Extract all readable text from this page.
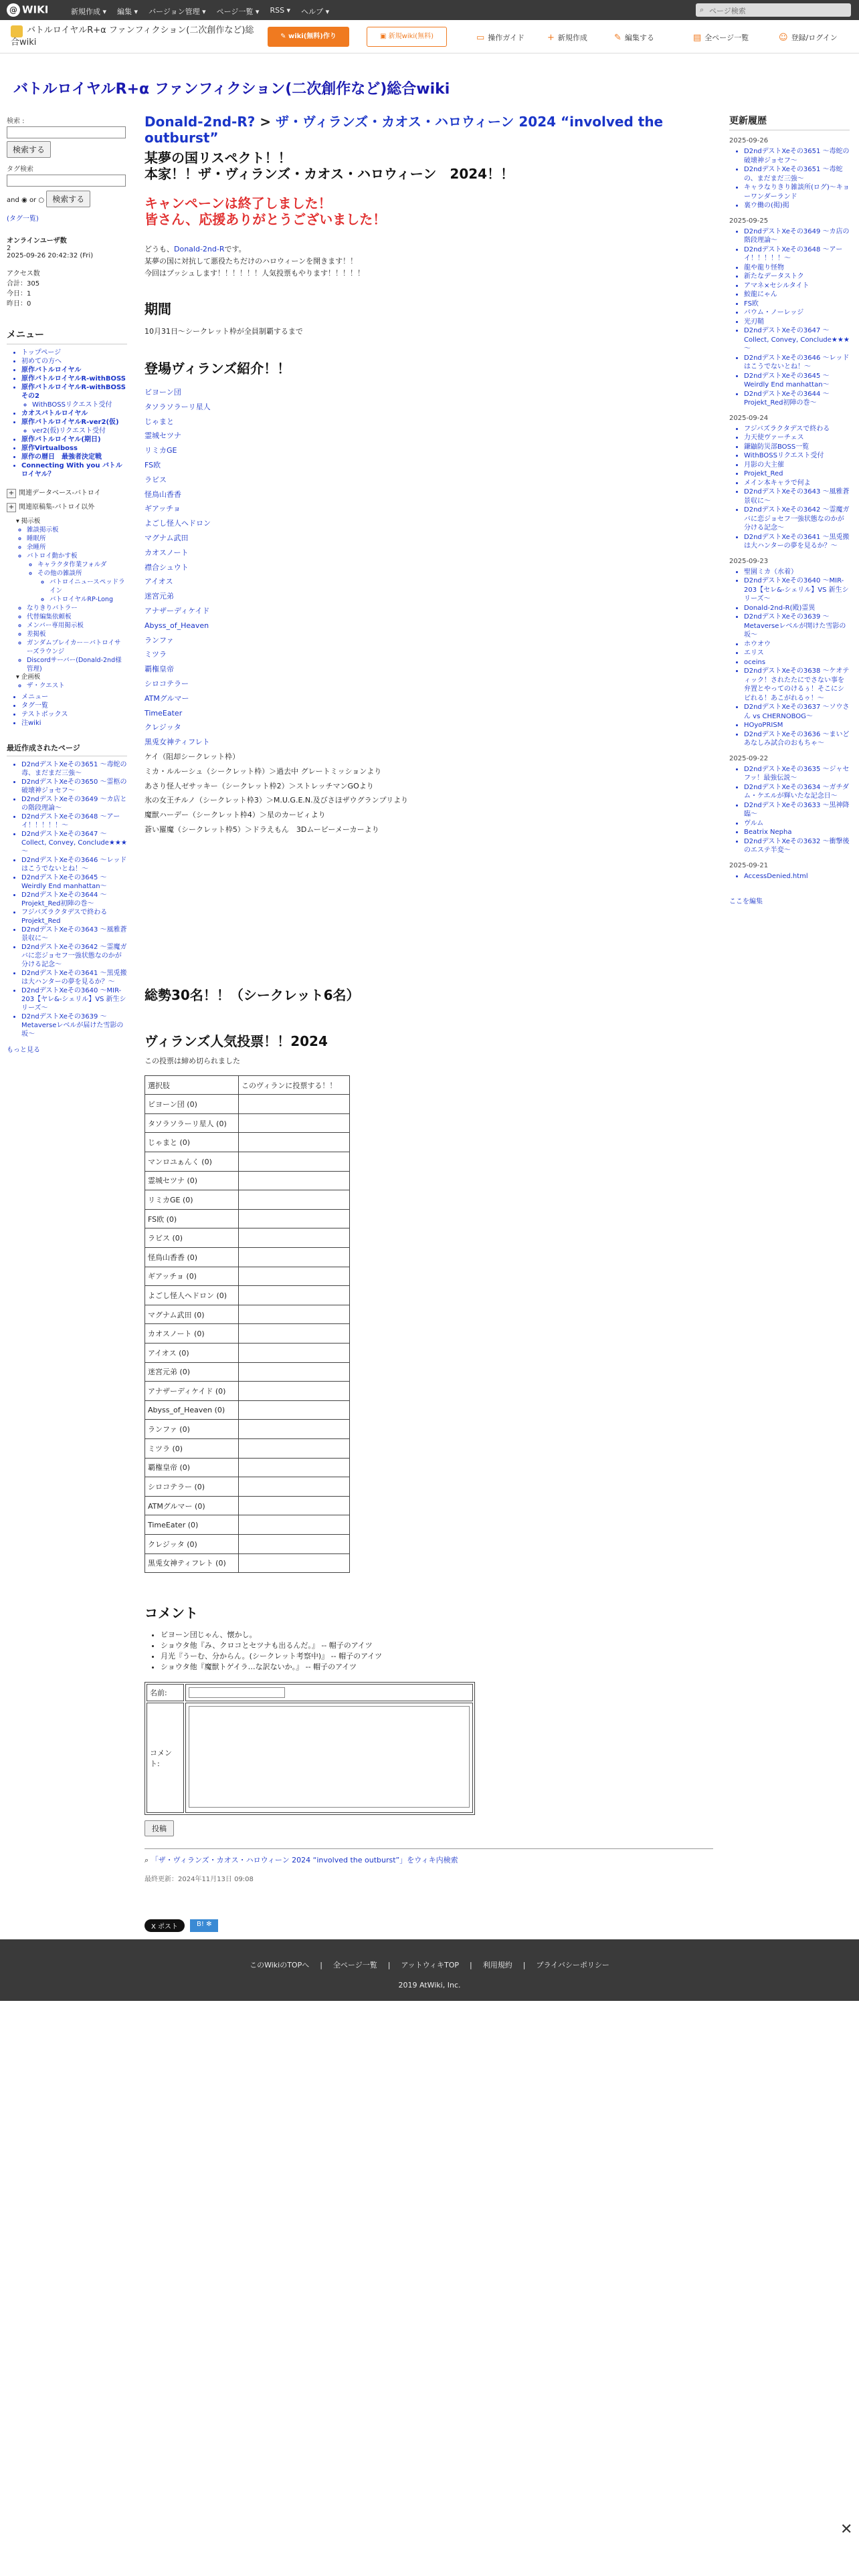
@ WIKI	新規作成 ▾ 編集 ▾ バージョン管理 ▾ ページ一覧 ▾ RSS ▾ ヘルプ ▾	⌕ ページ検索
バトルロイヤルR+α ファンフィクション(二次創作など)総合wiki
✎ wiki(無料)作り	▣ 新規wiki(無料)	▭ 操作ガイド	+ 新規作成	✎ 編集する	▤ 全ページ一覧	☺ 登録/ログイン
バトルロイヤルR+α ファンフィクション(二次創作など)総合wiki
検索 :
検索する
タグ検索
and ◉ or ○ 検索する
(タグ一覧)
オンラインユーザ数
2
2025-09-26 20:42:32 (Fri)
アクセス数
合計：305
今日：1
昨日：0
メニュー
• トップページ
• 初めての方へ
• 原作バトルロイヤル
• 原作バトルロイヤルR-withBOSS
• 原作バトルロイヤルR-withBOSSその2
◦ WithBOSSリクエスト受付
• カオスバトルロイヤル
• 原作バトルロイヤルR-ver2(仮)
◦ ver2(仮)リクエスト受付
• 原作バトルロイヤル(期日)
• 原作Virtualboss
• 原作の暦日　最強者決定戦
• Connecting With you バトルロイヤル？
+ 関連データベース-バトロイ
+ 関連原稿集-バトロイ以外
▾ 掲示板
◦ 雑談掲示板
◦ 睡眠所
◦ 余睡所
◦ バトロイ動かす板
◦ キャラクタ作業フォルダ
◦ その他の雑談所
◦ バトロイニュースペッドライン
◦ バトロイヤルRP-Long
◦ なりきりバトラー
◦ 代替編集依頼板
◦ メンバー専用掲示板
◦ 差掲板
◦ ガンダムブレイカー－バトロイサーズラウンジ
◦ Discordサーバー(Donald-2nd様管理)
▾ 企画板
◦ ザ・クエスト
• メニュー
• タグ一覧
• テストボックス
• 注wiki
最近作成されたページ
• D2ndデストXeその3651 ～毒蛇の毒、まだまだ三強～
• D2ndデストXeその3650 ～霊柩の破壊神ジョセフ～
• D2ndデストXeその3649 ～カ店との階段理論～
• D2ndデストXeその3648 ～アーイ！！！！！～
• D2ndデストXeその3647 ～Collect, Convey, Conclude★★★～
• D2ndデストXeその3646 ～レッドはこうでないとね！～
• D2ndデストXeその3645 ～Weirdly End manhattan～
• D2ndデストXeその3644 ～Projekt_Red初陣の巻～
• フジバズラクタデスで終わるProjekt_Red
• D2ndデストXeその3643 ～風雅蒼景収に～
• D2ndデストXeその3642 ～霊魔ガバに恋ジョセフ一強状態なのかが分ける記念～
• D2ndデストXeその3641 ～黒兎搬は大ハンターの夢を見るか？～
• D2ndデストXeその3640 ～MIR-203【ヤレ&-シェリル】VS 新生シリーズ～
• D2ndデストXeその3639 ～Metaverseレベルが届けた雪影の坂～
もっと見る
Donald-2nd-R? > ザ・ヴィランズ・カオス・ハロウィーン 2024 “involved the outburst”
某夢の国リスペクト！！
本家！！ザ・ヴィランズ・カオス・ハロウィーン　2024！！
キャンペーンは終了しました！
皆さん、応援ありがとうございました！

どうも、Donald-2nd-Rです。

某夢の国に対抗して悪役たちだけのハロウィーンを開きます！！

今回はプッシュします！！！！！！人気投票もやります！！！！！

期間

10月31日〜シークレット枠が全員制覇するまで

登場ヴィランズ紹介！！
ビヨーン団
タソラソラーリ星人
じゃまと
霊城セツナ
リミカGE
FS欧
ラビス
怪鳥山香香
ギアッチョ
よごし怪人ヘドロン
マグナム武田
カオスノート
襟合シュウト
アイオス
迷宮元弟
アナザーディケイド
Abyss_of_Heaven
ランファ
ミツラ
覇権皇帝
シロコテラー
ATMグルマー
TimeEater
クレジッタ
黒兎女神ティフレト
ケイ（阻却シークレット枠）
ミカ・ルルーシュ（シークレット枠）＞過去中 グレートミッションより
あさり怪人ゼサッキー（シークレット枠2）＞ストレッチマンGOより
氷の女王チルノ（シークレット枠3）＞M.U.G.E.N.及びさほザウグランプリより
魔獣ハーデー（シークレット枠4）＞星のカービィより
蒼い羅魔（シークレット枠5）＞ドラえもん　3Dムービーメーカーより
総勢30名！！（シークレット6名）
ヴィランズ人気投票！！2024

この投票は締め切られました

選択肢	このヴィランに投票する！！
ビヨーン団 (0)	
タソラソラーリ星人 (0)	
じゃまと (0)	
マンロユぁんく (0)	
霊城セツナ (0)	
リミカGE (0)	
FS欧 (0)	
ラビス (0)	
怪鳥山香香 (0)	
ギアッチョ (0)	
よごし怪人ヘドロン (0)	
マグナム武田 (0)	
カオスノート (0)	
アイオス (0)	
迷宮元弟 (0)	
アナザーディケイド (0)	
Abyss_of_Heaven (0)	
ランファ (0)	
ミツラ (0)	
覇権皇帝 (0)	
シロコテラー (0)	
ATMグルマー (0)	
TimeEater (0)	
クレジッタ (0)	
黒兎女神ティフレト (0)	
コメント
• ビヨーン団じゃん、懐かし。
• ショウタ他『み、クロコとセツナも出るんだ。』 -- 帽子のアイツ
• 月光『うーむ、分からん。(シークレット考察中)』 -- 帽子のアイツ
• ショウタ他『魔獣トゲイラ…な訳ないか。』 -- 帽子のアイツ
名前:	
コメント:	
投稿
⌕ 「ザ・ヴィランズ・カオス・ハロウィーン 2024 “involved the outburst”」をウィキ内検索
最終更新：2024年11月13日 09:08
X ポスト	B! ✻
更新履歴
2025-09-26
• D2ndデストXeその3651 ～毒蛇の破壊神ジョセフ～
• D2ndデストXeその3651 ～毒蛇の、まだまだ三強～
• キャラなりきり雑談所(ログ)～キョーワンダーランド
• 裏ウ働の(掲)掲
2025-09-25
• D2ndデストXeその3649 ～カ店の階段理論～
• D2ndデストXeその3648 ～アーイ！！！！！～
• 龍や龍り怪物
• 新たなデータストク
• アマネ×セシルタイト
• 鮫龍にゃん
• FS欧
• バウム・ノーレッジ
• 光刃鞘
• D2ndデストXeその3647 ～Collect, Convey, Conclude★★★～
• D2ndデストXeその3646 ～レッドはこうでないとね！～
• D2ndデストXeその3645 ～Weirdly End manhattan～
• D2ndデストXeその3644 ～Projekt_Red初陣の巻～
2025-09-24
• フジバズラクタデスで終わる
• 力天使ヴァーチェス
• 鎌鼬防災部BOSS一覧
• WithBOSSリクエスト受付
• 月影の大主催
• Projekt_Red
• メイン本キャラで何よ
• D2ndデストXeその3643 ～風雅蒼景収に～
• D2ndデストXeその3642 ～霊魔ガバに恋ジョセフ一強状態なのかが分ける記念～
• D2ndデストXeその3641 ～黒兎搬は大ハンターの夢を見るか？～
2025-09-23
• 聖園ミカ（水着）
• D2ndデストXeその3640 ～MIR-203【セレ&-シェリル】VS 新生シリーズ～
• Donald-2nd-R(殿)霊異
• D2ndデストXeその3639 ～Metaverseレベルが開けた雪影の坂～
• ホウオウ
• エリス
• oceins
• D2ndデストXeその3638 ～ケオティック！されたたにでさない事を弁置とやってのけるぅ！そこにシビれる！あこがれるゥ！～
• D2ndデストXeその3637 ～ソウさん vs CHERNOBOG～
• HOyoPRISM
• D2ndデストXeその3636 ～まいどあなしみ試合のおもちゃ～
2025-09-22
• D2ndデストXeその3635 ～ジャセフッ！最強伝説～
• D2ndデストXeその3634 ～ガチダム・ケエルが輝いたな記念日～
• D2ndデストXeその3633 ～黒神降臨～
• ヴルム
• Beatrix Nepha
• D2ndデストXeその3632 ～衝撃後のエステ半変～
2025-09-21
• AccessDenied.html
ここを編集
このWikiのTOPへ | 全ページ一覧 | アットウィキTOP | 利用規約 | プライバシーポリシー
2019 AtWiki, Inc.
✕
